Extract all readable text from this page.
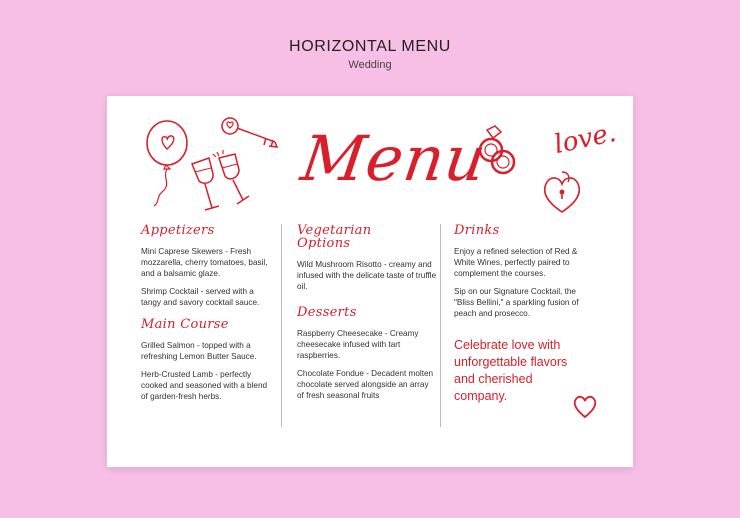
HORIZONTAL MENU
Wedding
Menu love.
Appetizers
Mini Caprese Skewers - Fresh mozzarella, cherry tomatoes, basil, and a balsamic glaze.
Shrimp Cocktail - served with a tangy and savory cocktail sauce.
Main Course
Grilled Salmon - topped with a refreshing Lemon Butter Sauce.
Herb-Crusted Lamb - perfectly cooked and seasoned with a blend of garden-fresh herbs.
Vegetarian Options
Wild Mushroom Risotto - creamy and infused with the delicate taste of truffle oil.
Desserts
Raspberry Cheesecake - Creamy cheesecake infused with tart raspberries.
Chocolate Fondue - Decadent molten chocolate served alongside an array of fresh seasonal fruits
Drinks
Enjoy a refined selection of Red & White Wines, perfectly paired to complement the courses.
Sip on our Signature Cocktail, the "Bliss Bellini," a sparkling fusion of peach and prosecco.
Celebrate love with unforgettable flavors and cherished company.
